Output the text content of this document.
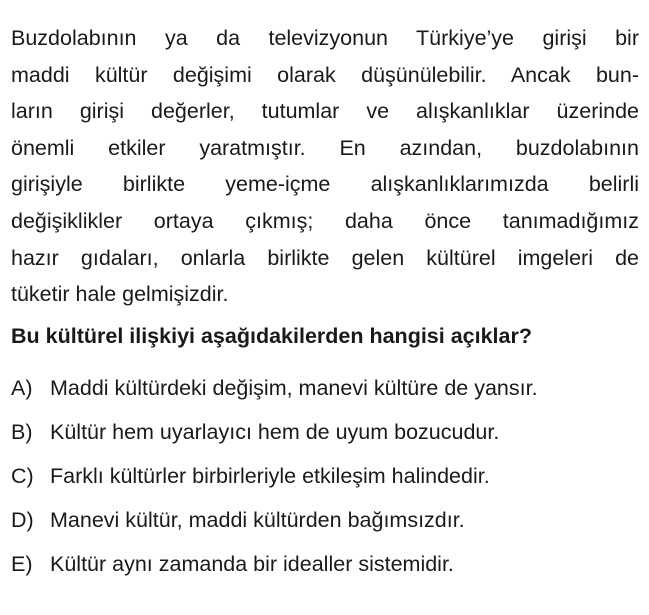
Buzdolabının ya da televizyonun Türkiye’ye girişi bir
maddi kültür değişimi olarak düşünülebilir. Ancak bun-
ların girişi değerler, tutumlar ve alışkanlıklar üzerinde
önemli etkiler yaratmıştır. En azından, buzdolabının
girişiyle birlikte yeme-içme alışkanlıklarımızda belirli
değişiklikler ortaya çıkmış; daha önce tanımadığımız
hazır gıdaları, onlarla birlikte gelen kültürel imgeleri de
tüketir hale gelmişizdir.
Bu kültürel ilişkiyi aşağıdakilerden hangisi açıklar?
A) Maddi kültürdeki değişim, manevi kültüre de yansır.
B) Kültür hem uyarlayıcı hem de uyum bozucudur.
C) Farklı kültürler birbirleriyle etkileşim halindedir.
D) Manevi kültür, maddi kültürden bağımsızdır.
E) Kültür aynı zamanda bir idealler sistemidir.
